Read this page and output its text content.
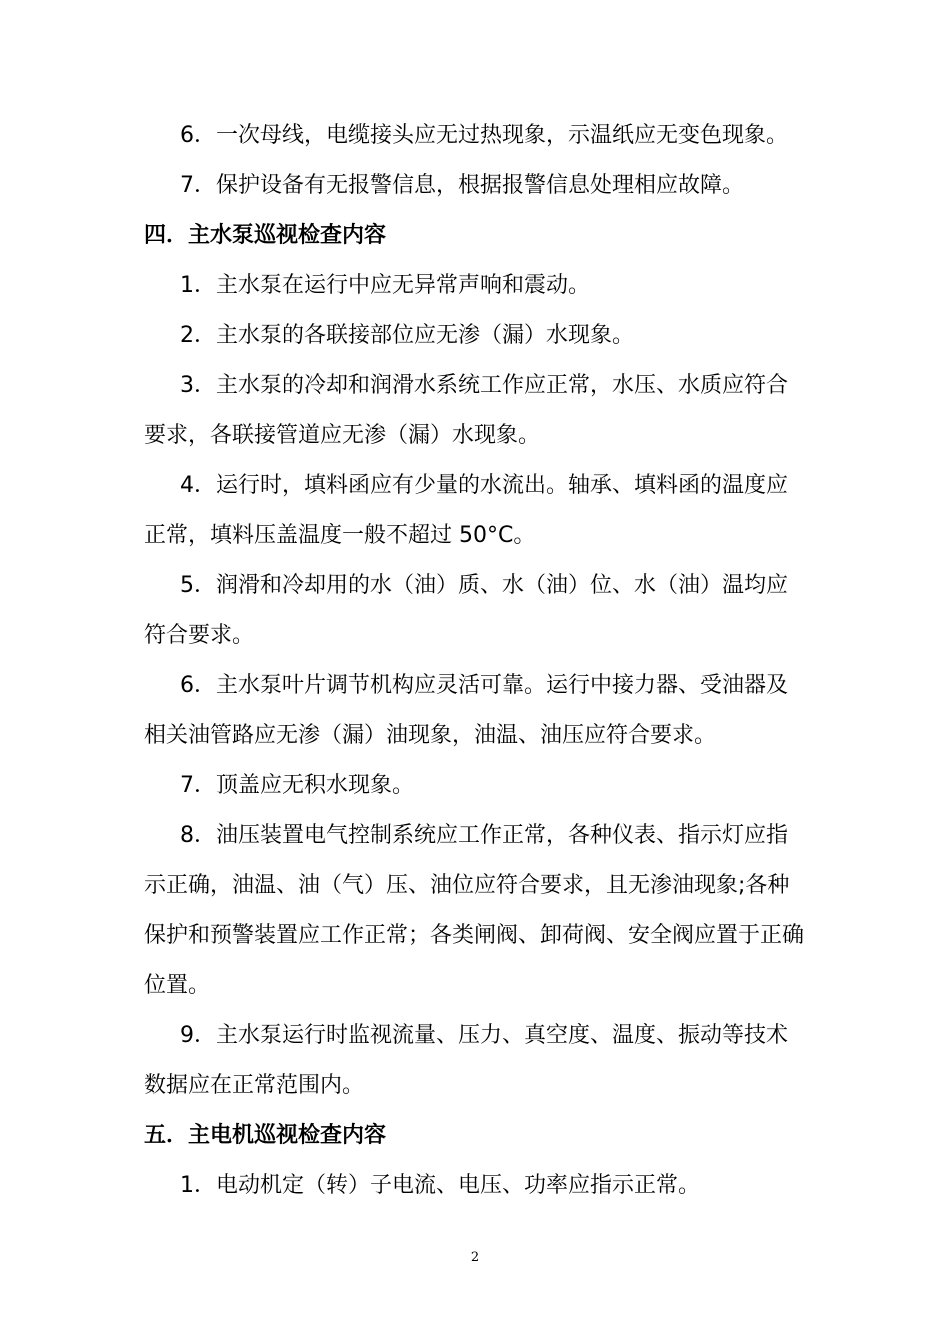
6．一次母线，电缆接头应无过热现象，示温纸应无变色现象。
7．保护设备有无报警信息，根据报警信息处理相应故障。
四．主水泵巡视检查内容
1．主水泵在运行中应无异常声响和震动。
2．主水泵的各联接部位应无渗（漏）水现象。
3．主水泵的冷却和润滑水系统工作应正常，水压、水质应符合
要求，各联接管道应无渗（漏）水现象。
4．运行时，填料函应有少量的水流出。轴承、填料函的温度应
正常，填料压盖温度一般不超过 50°C。
5．润滑和冷却用的水（油）质、水（油）位、水（油）温均应
符合要求。
6．主水泵叶片调节机构应灵活可靠。运行中接力器、受油器及
相关油管路应无渗（漏）油现象，油温、油压应符合要求。
7．顶盖应无积水现象。
8．油压装置电气控制系统应工作正常，各种仪表、指示灯应指
示正确，油温、油（气）压、油位应符合要求，且无渗油现象;各种
保护和预警装置应工作正常；各类闸阀、卸荷阀、安全阀应置于正确
位置。
9．主水泵运行时监视流量、压力、真空度、温度、振动等技术
数据应在正常范围内。
五．主电机巡视检查内容
1．电动机定（转）子电流、电压、功率应指示正常。
2
